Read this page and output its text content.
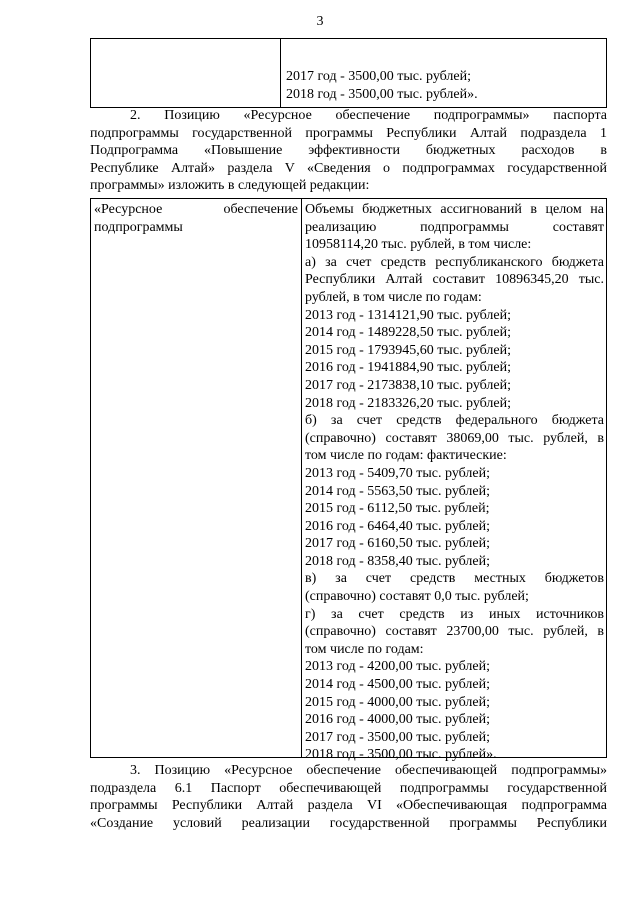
3
2017 год - 3500,00 тыс. рублей;
2018 год - 3500,00 тыс. рублей».
2. Позицию «Ресурсное обеспечение подпрограммы» паспорта
подпрограммы государственной программы Республики Алтай подраздела 1
Подпрограмма «Повышение эффективности бюджетных расходов в
Республике Алтай» раздела V «Сведения о подпрограммах государственной
программы» изложить в следующей редакции:
«Ресурсное обеспечение
подпрограммы
Объемы бюджетных ассигнований в целом на
реализацию подпрограммы составят
10958114,20 тыс. рублей, в том числе:
а) за счет средств республиканского бюджета
Республики Алтай составит 10896345,20 тыс.
рублей, в том числе по годам:
2013 год - 1314121,90 тыс. рублей;
2014 год - 1489228,50 тыс. рублей;
2015 год - 1793945,60 тыс. рублей;
2016 год - 1941884,90 тыс. рублей;
2017 год - 2173838,10 тыс. рублей;
2018 год - 2183326,20 тыс. рублей;
б) за счет средств федерального бюджета
(справочно) составят 38069,00 тыс. рублей, в
том числе по годам: фактические:
2013 год - 5409,70 тыс. рублей;
2014 год - 5563,50 тыс. рублей;
2015 год - 6112,50 тыс. рублей;
2016 год - 6464,40 тыс. рублей;
2017 год - 6160,50 тыс. рублей;
2018 год - 8358,40 тыс. рублей;
в) за счет средств местных бюджетов
(справочно) составят 0,0 тыс. рублей;
г) за счет средств из иных источников
(справочно) составят 23700,00 тыс. рублей, в
том числе по годам:
2013 год - 4200,00 тыс. рублей;
2014 год - 4500,00 тыс. рублей;
2015 год - 4000,00 тыс. рублей;
2016 год - 4000,00 тыс. рублей;
2017 год - 3500,00 тыс. рублей;
2018 год - 3500,00 тыс. рублей».
3. Позицию «Ресурсное обеспечение обеспечивающей подпрограммы»
подраздела 6.1 Паспорт обеспечивающей подпрограммы государственной
программы Республики Алтай раздела VI «Обеспечивающая подпрограмма
«Создание условий реализации государственной программы Республики
